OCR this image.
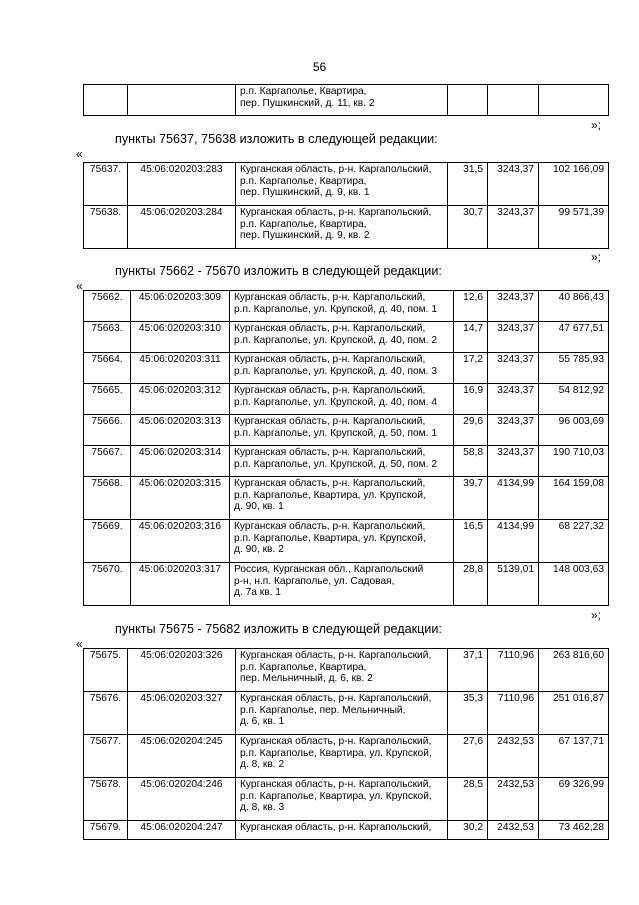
56
		р.п. Каргаполье, Квартира,
пер. Пушкинский, д. 11, кв. 2			
»;
пункты 75637, 75638 изложить в следующей редакции:
«
75637.	45:06:020203:283	Курганская область, р-н. Каргапольский,
р.п. Каргаполье, Квартира,
пер. Пушкинский, д. 9, кв. 1	31,5	3243,37	102 166,09
75638.	45:06:020203:284	Курганская область, р-н. Каргапольский,
р.п. Каргаполье, Квартира,
пер. Пушкинский, д. 9, кв. 2	30,7	3243,37	99 571,39
»;
пункты 75662 - 75670 изложить в следующей редакции:
«
75662.	45:06:020203:309	Курганская область, р-н. Каргапольский,
р.п. Каргаполье, ул. Крупской, д. 40, пом. 1	12,6	3243,37	40 866,43
75663.	45:06:020203:310	Курганская область, р-н. Каргапольский,
р.п. Каргаполье, ул. Крупской, д. 40, пом. 2	14,7	3243,37	47 677,51
75664.	45:06:020203:311	Курганская область, р-н. Каргапольский,
р.п. Каргаполье, ул. Крупской, д. 40, пом. 3	17,2	3243,37	55 785,93
75665.	45:06:020203:312	Курганская область, р-н. Каргапольский,
р.п. Каргаполье, ул. Крупской, д. 40, пом. 4	16,9	3243,37	54 812,92
75666.	45:06:020203:313	Курганская область, р-н. Каргапольский,
р.п. Каргаполье, ул. Крупской, д. 50, пом. 1	29,6	3243,37	96 003,69
75667.	45:06:020203:314	Курганская область, р-н. Каргапольский,
р.п. Каргаполье, ул. Крупской, д. 50, пом. 2	58,8	3243,37	190 710,03
75668.	45:06:020203:315	Курганская область, р-н. Каргапольский,
р.п. Каргаполье, Квартира, ул. Крупской,
д. 90, кв. 1	39,7	4134,99	164 159,08
75669.	45:06:020203:316	Курганская область, р-н. Каргапольский,
р.п. Каргаполье, Квартира, ул. Крупской,
д. 90, кв. 2	16,5	4134,99	68 227,32
75670.	45:06:020203:317	Россия, Курганская обл., Каргапольский
р-н, н.п. Каргаполье, ул. Садовая,
д. 7а кв. 1	28,8	5139,01	148 003,63
»;
пункты 75675 - 75682 изложить в следующей редакции:
«
75675.	45:06:020203:326	Курганская область, р-н. Каргапольский,
р.п. Каргаполье, Квартира,
пер. Мельничный, д. 6, кв. 2	37,1	7110,96	263 816,60
75676.	45:06:020203:327	Курганская область, р-н. Каргапольский,
р.п. Каргаполье, пер. Мельничный,
д. 6, кв. 1	35,3	7110,96	251 016,87
75677.	45:06:020204:245	Курганская область, р-н. Каргапольский,
р.п. Каргаполье, Квартира, ул. Крупской,
д. 8, кв. 2	27,6	2432,53	67 137,71
75678.	45:06:020204:246	Курганская область, р-н. Каргапольский,
р.п. Каргаполье, Квартира, ул. Крупской,
д. 8, кв. 3	28,5	2432,53	69 326,99
75679.	45:06:020204:247	Курганская область, р-н. Каргапольский,	30,2	2432,53	73 462,28
